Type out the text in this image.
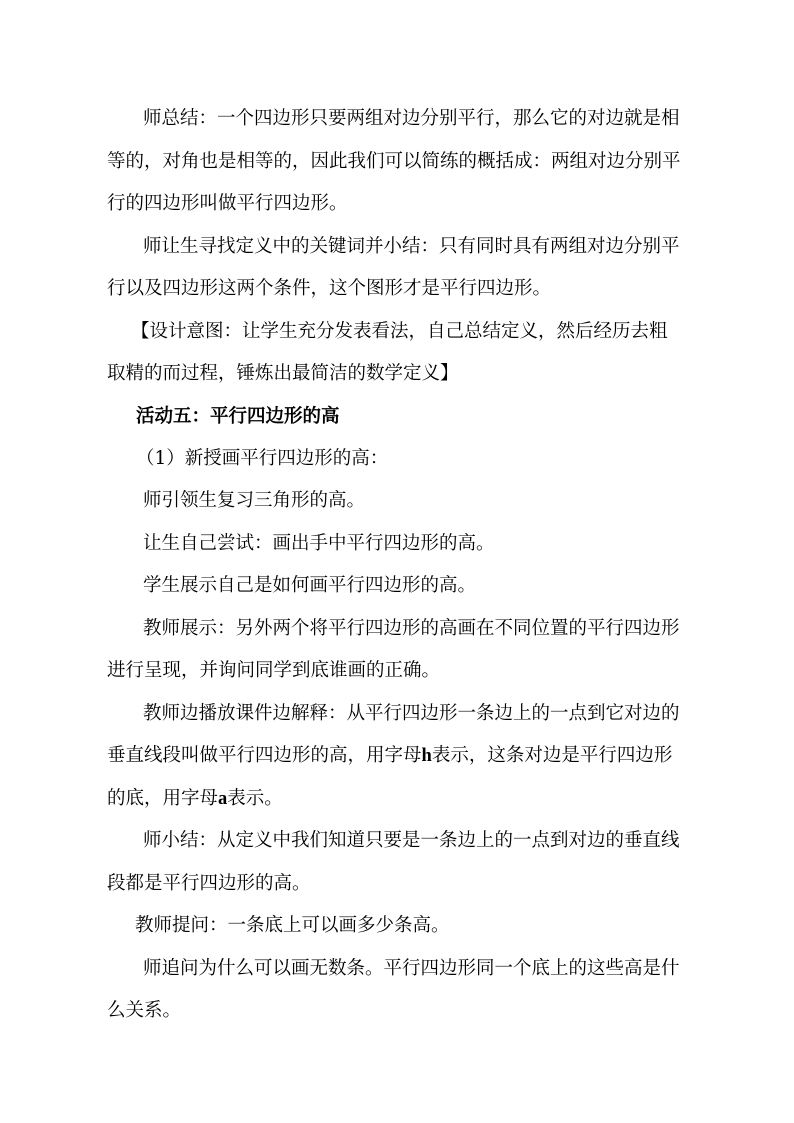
师总结：一个四边形只要两组对边分别平行，那么它的对边就是相
等的，对角也是相等的，因此我们可以简练的概括成：两组对边分别平
行的四边形叫做平行四边形。
师让生寻找定义中的关键词并小结：只有同时具有两组对边分别平
行以及四边形这两个条件，这个图形才是平行四边形。
【设计意图：让学生充分发表看法，自己总结定义，然后经历去粗
取精的而过程，锤炼出最简洁的数学定义】
活动五：平行四边形的高
（1）新授画平行四边形的高：
师引领生复习三角形的高。
让生自己尝试：画出手中平行四边形的高。
学生展示自己是如何画平行四边形的高。
教师展示：另外两个将平行四边形的高画在不同位置的平行四边形
进行呈现，并询问同学到底谁画的正确。
教师边播放课件边解释：从平行四边形一条边上的一点到它对边的
垂直线段叫做平行四边形的高，用字母h表示，这条对边是平行四边形
的底，用字母a表示。
师小结：从定义中我们知道只要是一条边上的一点到对边的垂直线
段都是平行四边形的高。
教师提问：一条底上可以画多少条高。
师追问为什么可以画无数条。平行四边形同一个底上的这些高是什
么关系。
